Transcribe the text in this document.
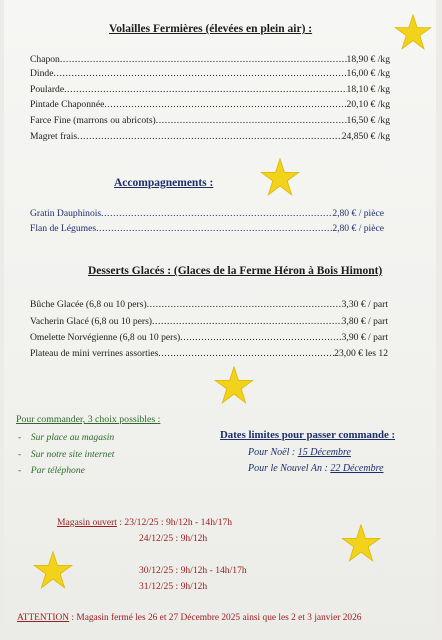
Volailles Fermières (élevées en plein air) :
Chapon .....	18,90 € /kg
Dinde .....	16,00 € /kg
Poularde .....	18,10 € /kg
Pintade Chaponnée .....	20,10 € /kg
Farce Fine (marrons ou abricots) .....	16,50 € /kg
Magret frais .....	24,850 € /kg
Accompagnements :
Gratin Dauphinois .....	2,80 € / pièce
Flan de Légumes .....	2,80 € / pièce
Desserts Glacés : (Glaces de la Ferme Héron à Bois Himont)
Bûche Glacée (6,8 ou 10 pers) .....	3,30 € / part
Vacherin Glacé (6,8 ou 10 pers) .....	3,80 € / part
Omelette Norvégienne (6,8 ou 10 pers) .....	3,90 € / part
Plateau de mini verrines assorties .....	23,00 € les 12
Pour commander, 3 choix possibles :
-    Sur place au magasin
-    Sur notre site internet
-    Par téléphone
Dates limites pour passer commande :
Pour Noël : 15 Décembre
Pour le Nouvel An : 22 Décembre
Magasin ouvert : 23/12/25 : 9h/12h - 14h/17h
24/12/25 : 9h/12h
30/12/25 : 9h/12h - 14h/17h
31/12/25 : 9h/12h
ATTENTION : Magasin fermé les 26 et 27 Décembre 2025 ainsi que les 2 et 3 janvier 2026
